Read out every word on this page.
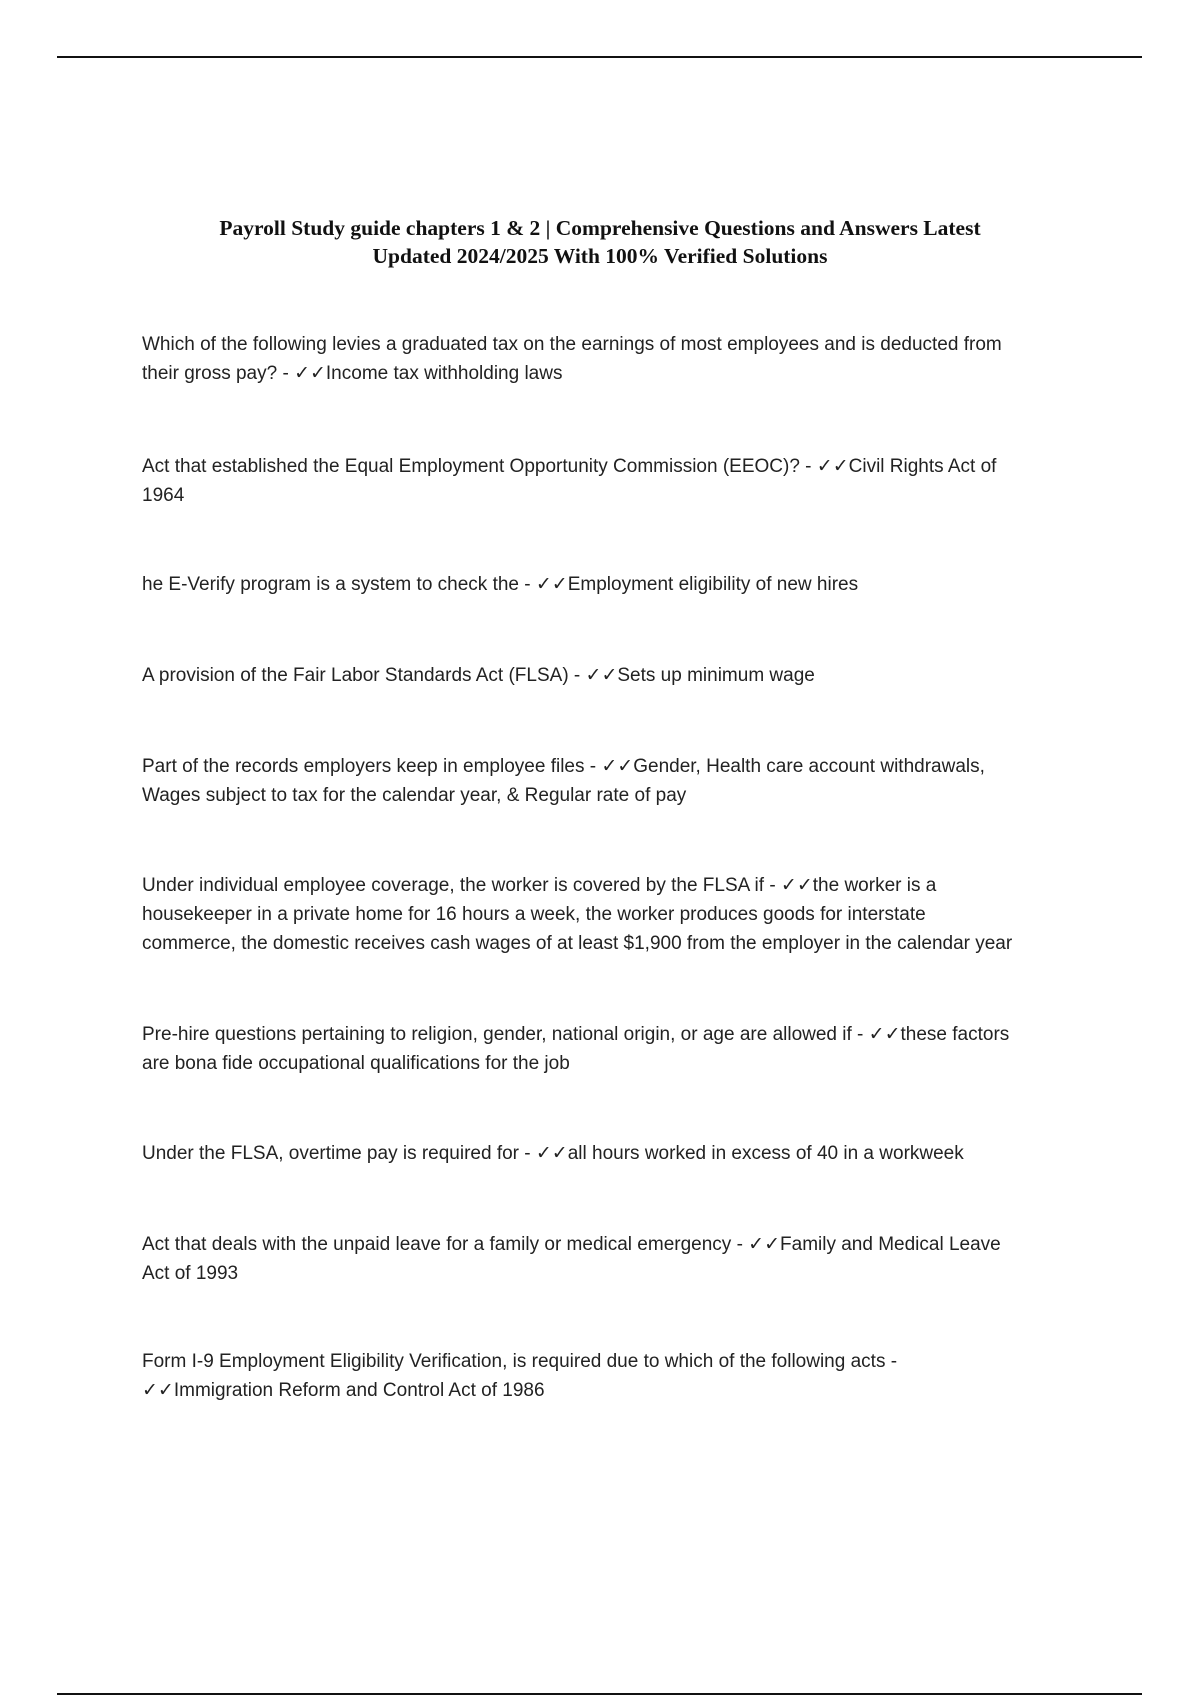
Payroll Study guide chapters 1 & 2 | Comprehensive Questions and Answers Latest
Updated 2024/2025 With 100% Verified Solutions
Which of the following levies a graduated tax on the earnings of most employees and is deducted from
their gross pay? - ✓✓Income tax withholding laws
Act that established the Equal Employment Opportunity Commission (EEOC)? - ✓✓Civil Rights Act of
1964
he E-Verify program is a system to check the - ✓✓Employment eligibility of new hires
A provision of the Fair Labor Standards Act (FLSA) - ✓✓Sets up minimum wage
Part of the records employers keep in employee files - ✓✓Gender, Health care account withdrawals,
Wages subject to tax for the calendar year, & Regular rate of pay
Under individual employee coverage, the worker is covered by the FLSA if - ✓✓the worker is a
housekeeper in a private home for 16 hours a week, the worker produces goods for interstate
commerce, the domestic receives cash wages of at least $1,900 from the employer in the calendar year
Pre-hire questions pertaining to religion, gender, national origin, or age are allowed if - ✓✓these factors
are bona fide occupational qualifications for the job
Under the FLSA, overtime pay is required for - ✓✓all hours worked in excess of 40 in a workweek
Act that deals with the unpaid leave for a family or medical emergency - ✓✓Family and Medical Leave
Act of 1993
Form I-9 Employment Eligibility Verification, is required due to which of the following acts -
✓✓Immigration Reform and Control Act of 1986
